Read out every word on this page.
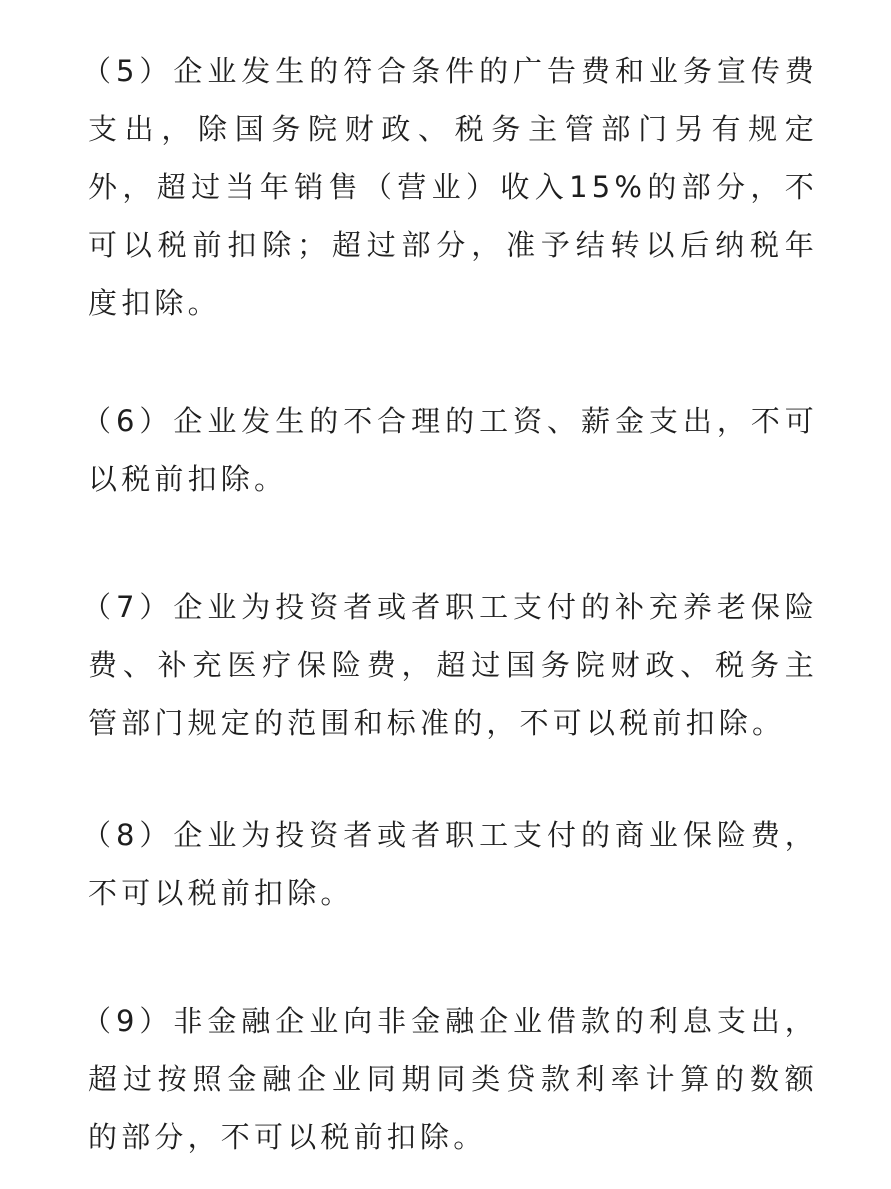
（5）企业发生的符合条件的广告费和业务宣传费支出，除国务院财政、税务主管部门另有规定外，超过当年销售（营业）收入15%的部分，不可以税前扣除；超过部分，准予结转以后纳税年度扣除。

（6）企业发生的不合理的工资、薪金支出，不可以税前扣除。

（7）企业为投资者或者职工支付的补充养老保险费、补充医疗保险费，超过国务院财政、税务主管部门规定的范围和标准的，不可以税前扣除。

（8）企业为投资者或者职工支付的商业保险费，不可以税前扣除。

（9）非金融企业向非金融企业借款的利息支出，超过按照金融企业同期同类贷款利率计算的数额的部分，不可以税前扣除。
